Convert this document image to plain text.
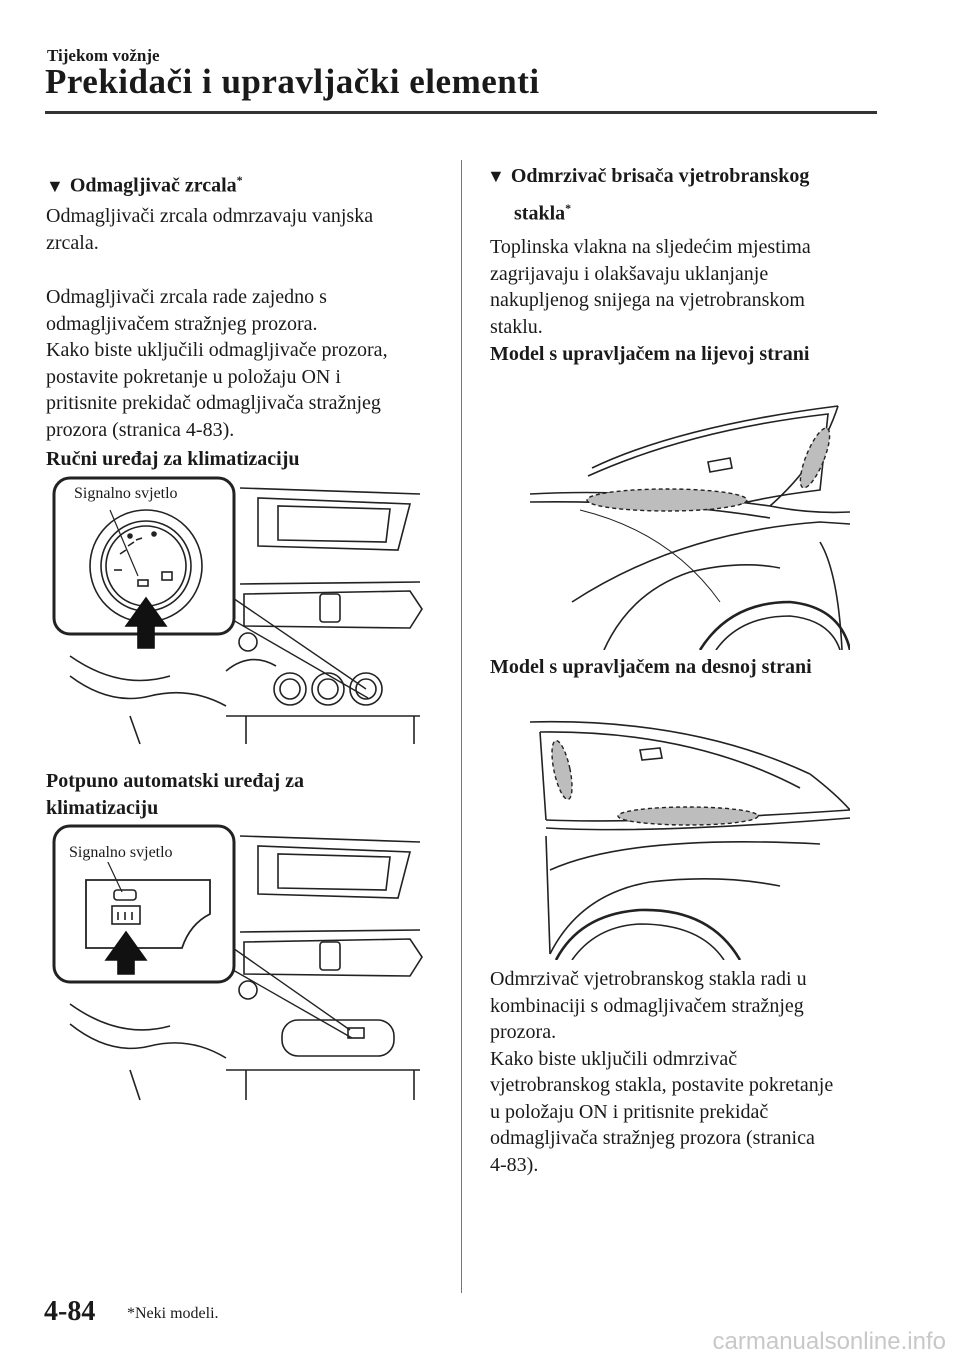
Tijekom vožnje
Prekidači i upravljački elementi
▼ Odmagljivač zrcala*
Odmagljivači zrcala odmrzavaju vanjska
zrcala.
Odmagljivači zrcala rade zajedno s
odmagljivačem stražnjeg prozora.
Kako biste uključili odmagljivače prozora,
postavite pokretanje u položaju ON i
pritisnite prekidač odmagljivača stražnjeg
prozora (stranica 4-83).
Ručni uređaj za klimatizaciju
Signalno svjetlo
Potpuno automatski uređaj za
klimatizaciju
Signalno svjetlo
▼ Odmrzivač brisača vjetrobranskog
stakla*
Toplinska vlakna na sljedećim mjestima
zagrijavaju i olakšavaju uklanjanje
nakupljenog snijega na vjetrobranskom
staklu.
Model s upravljačem na lijevoj strani
Model s upravljačem na desnoj strani
Odmrzivač vjetrobranskog stakla radi u
kombinaciji s odmagljivačem stražnjeg
prozora.
Kako biste uključili odmrzivač
vjetrobranskog stakla, postavite pokretanje
u položaju ON i pritisnite prekidač
odmagljivača stražnjeg prozora (stranica
4-83).
4-84 *Neki modeli.
carmanualsonline.info
